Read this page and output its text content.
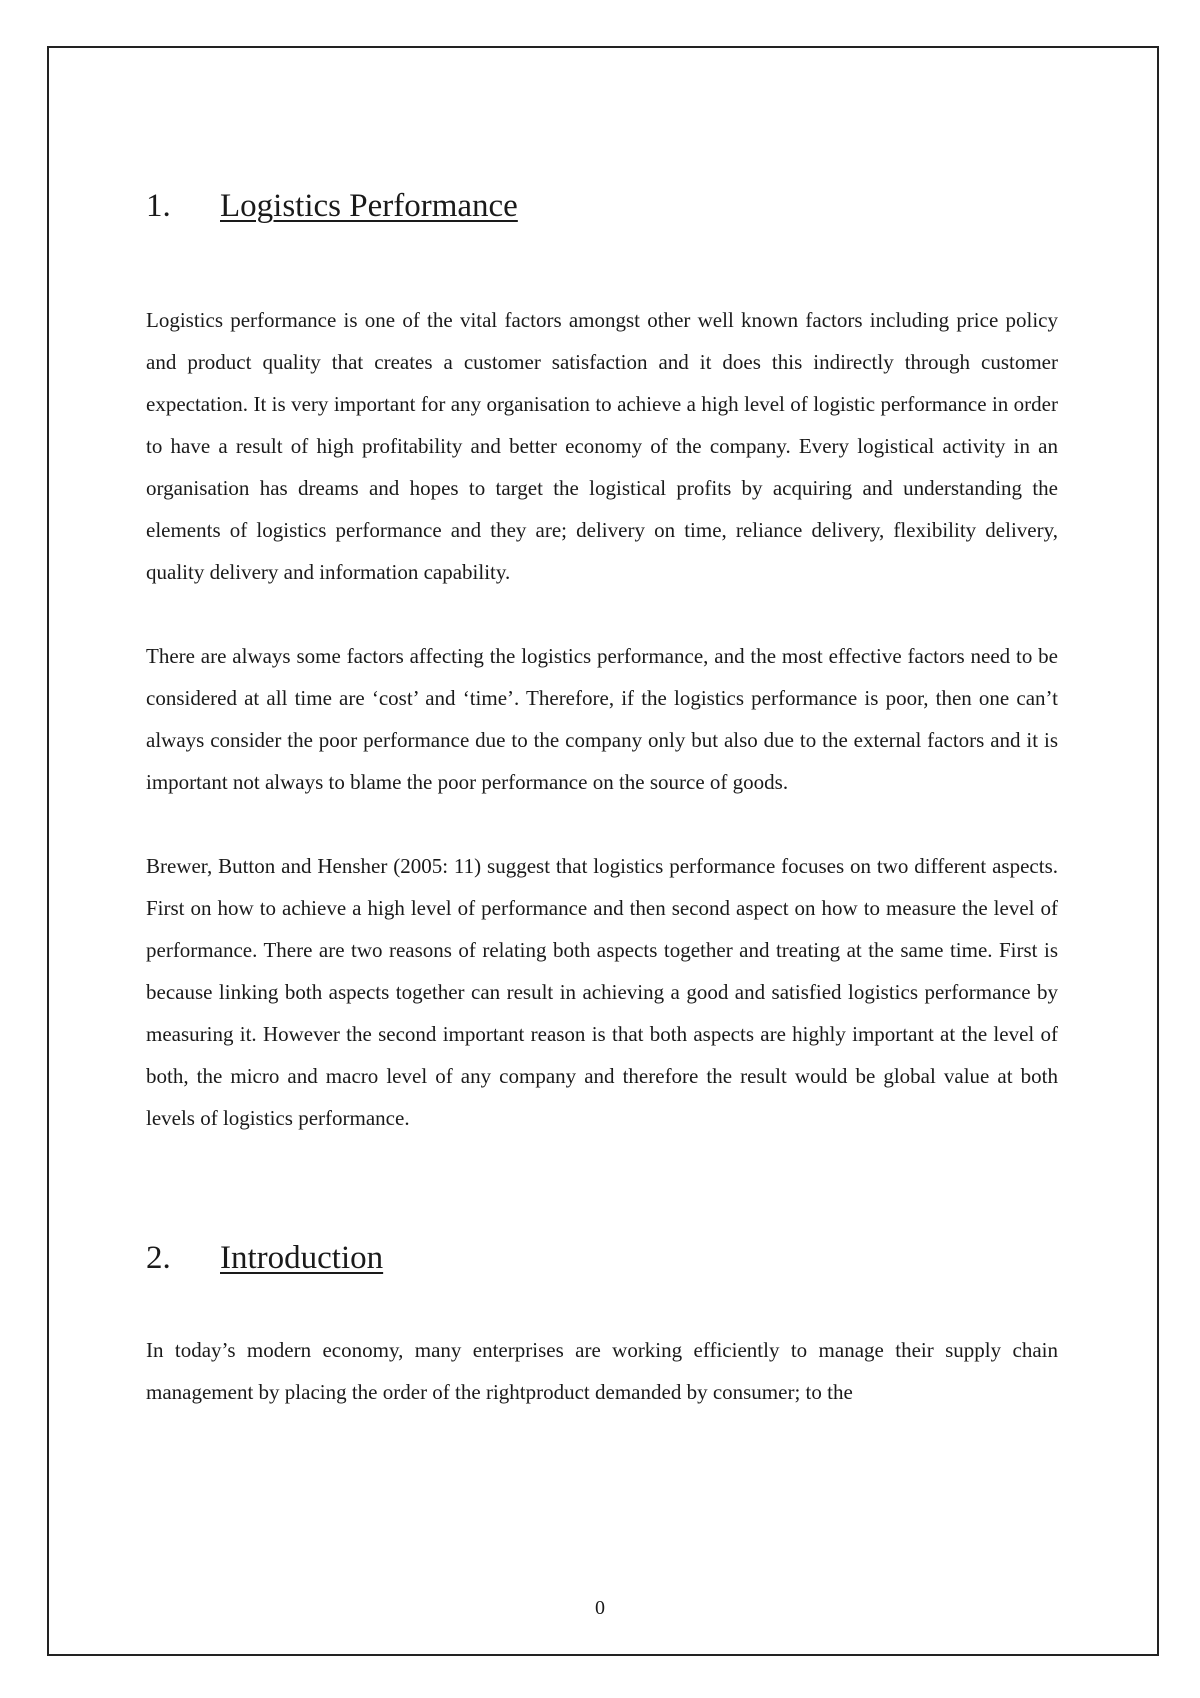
1.	Logistics Performance

Logistics performance is one of the vital factors amongst other well known factors including price policy and product quality that creates a customer satisfaction and it does this indirectly through customer expectation. It is very important for any organisation to achieve a high level of logistic performance in order to have a result of high profitability and better economy of the company. Every logistical activity in an organisation has dreams and hopes to target the logistical profits by acquiring and understanding the elements of logistics performance and they are; delivery on time, reliance delivery, flexibility delivery, quality delivery and information capability.

There are always some factors affecting the logistics performance, and the most effective factors need to be considered at all time are ‘cost’ and ‘time’. Therefore, if the logistics performance is poor, then one can’t always consider the poor performance due to the company only but also due to the external factors and it is important not always to blame the poor performance on the source of goods.

Brewer, Button and Hensher (2005: 11) suggest that logistics performance focuses on two different aspects. First on how to achieve a high level of performance and then second aspect on how to measure the level of performance. There are two reasons of relating both aspects together and treating at the same time. First is because linking both aspects together can result in achieving a good and satisfied logistics performance by measuring it. However the second important reason is that both aspects are highly important at the level of both, the micro and macro level of any company and therefore the result would be global value at both levels of logistics performance.

2.	Introduction

In today’s modern economy, many enterprises are working efficiently to manage their supply chain management by placing the order of the rightproduct demanded by consumer; to the

0
